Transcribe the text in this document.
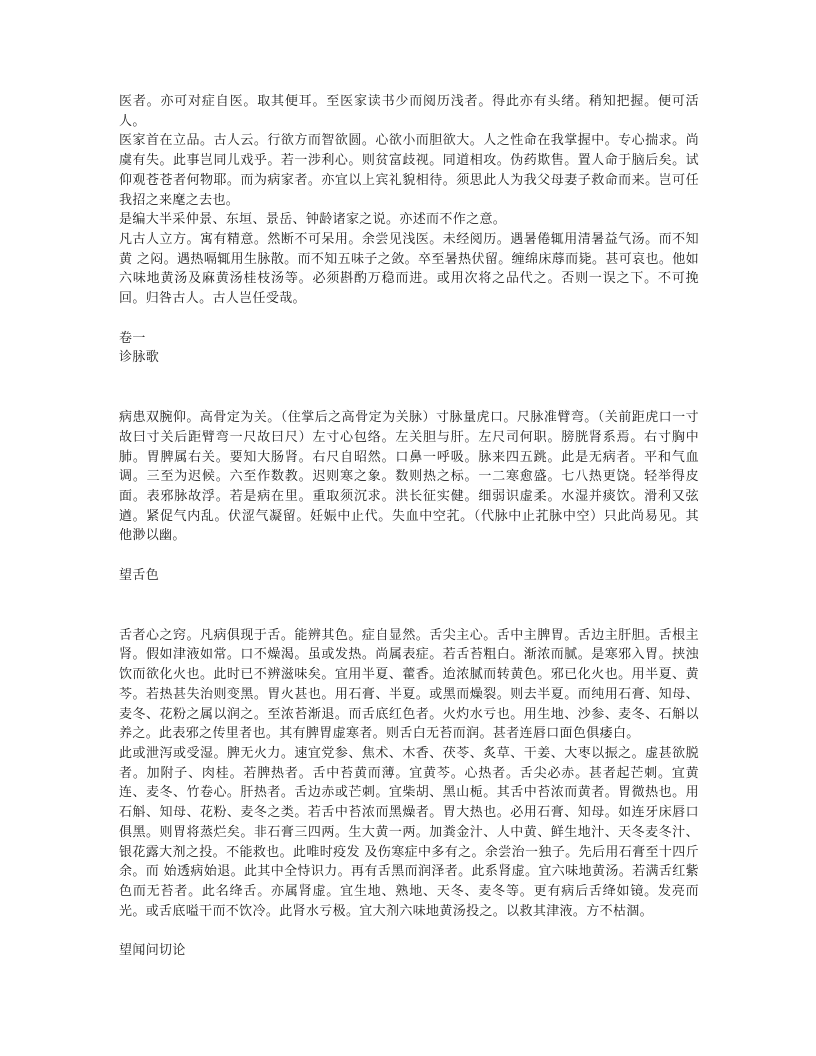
医者。亦可对症自医。取其便耳。至医家读书少而阅历浅者。得此亦有头绪。稍知把握。便可活人。

医家首在立品。古人云。行欲方而智欲圆。心欲小而胆欲大。人之性命在我掌握中。专心揣求。尚虞有失。此事岂同儿戏乎。若一涉利心。则贫富歧视。同道相攻。伪药欺售。置人命于脑后矣。试仰观苍苍者何物耶。而为病家者。亦宜以上宾礼貌相待。须思此人为我父母妻子救命而来。岂可任我招之来麾之去也。

是编大半采仲景、东垣、景岳、钟龄诸家之说。亦述而不作之意。

凡古人立方。寓有精意。然断不可呆用。余尝见浅医。未经阅历。遇暑倦辄用清暑益气汤。而不知黄 之闷。遇热嗝辄用生脉散。而不知五味子之敛。卒至暑热伏留。缠绵床蓐而毙。甚可哀也。他如六味地黄汤及麻黄汤桂枝汤等。必须斟酌万稳而进。或用次将之品代之。否则一误之下。不可挽回。归咎古人。古人岂任受哉。

卷一

诊脉歌

病患双腕仰。高骨定为关。（住掌后之高骨定为关脉）寸脉量虎口。尺脉准臂弯。（关前距虎口一寸故曰寸关后距臂弯一尺故曰尺）左寸心包络。左关胆与肝。左尺司何职。膀胱肾系焉。右寸胸中肺。胃脾属右关。要知大肠肾。右尺自昭然。口鼻一呼吸。脉来四五跳。此是无病者。平和气血调。三至为迟候。六至作数教。迟则寒之象。数则热之标。一二寒愈盛。七八热更饶。轻举得皮面。表邪脉故浮。若是病在里。重取须沉求。洪长征实健。细弱识虚柔。水湿并痰饮。滑利又弦遒。紧促气内乱。伏涩气凝留。妊娠中止代。失血中空芤。（代脉中止芤脉中空）只此尚易见。其他渺以幽。

望舌色

舌者心之窍。凡病俱现于舌。能辨其色。症自显然。舌尖主心。舌中主脾胃。舌边主肝胆。舌根主肾。假如津液如常。口不燥渴。虽或发热。尚属表症。若舌苔粗白。渐浓而腻。是寒邪入胃。挟浊饮而欲化火也。此时已不辨滋味矣。宜用半夏、藿香。迨浓腻而转黄色。邪已化火也。用半夏、黄芩。若热甚失治则变黑。胃火甚也。用石膏、半夏。或黑而燥裂。则去半夏。而纯用石膏、知母、麦冬、花粉之属以润之。至浓苔渐退。而舌底红色者。火灼水亏也。用生地、沙参、麦冬、石斛以养之。此表邪之传里者也。其有脾胃虚寒者。则舌白无苔而润。甚者连唇口面色俱痿白。

此或泄泻或受湿。脾无火力。速宜党参、焦术、木香、茯苓、炙草、干姜、大枣以振之。虚甚欲脱者。加附子、肉桂。若脾热者。舌中苔黄而薄。宜黄芩。心热者。舌尖必赤。甚者起芒刺。宜黄连、麦冬、竹卷心。肝热者。舌边赤或芒刺。宜柴胡、黑山栀。其舌中苔浓而黄者。胃微热也。用石斛、知母、花粉、麦冬之类。若舌中苔浓而黑燥者。胃大热也。必用石膏、知母。如连牙床唇口俱黑。则胃将蒸烂矣。非石膏三四两。生大黄一两。加粪金汁、人中黄、鲜生地汁、天冬麦冬汁、银花露大剂之投。不能救也。此唯时疫发 及伤寒症中多有之。余尝治一独子。先后用石膏至十四斤余。而 始透病始退。此其中全恃识力。再有舌黑而润泽者。此系肾虚。宜六味地黄汤。若满舌红紫色而无苔者。此名绛舌。亦属肾虚。宜生地、熟地、天冬、麦冬等。更有病后舌绛如镜。发亮而光。或舌底嗌干而不饮冷。此肾水亏极。宜大剂六味地黄汤投之。以救其津液。方不枯涸。

望闻问切论
